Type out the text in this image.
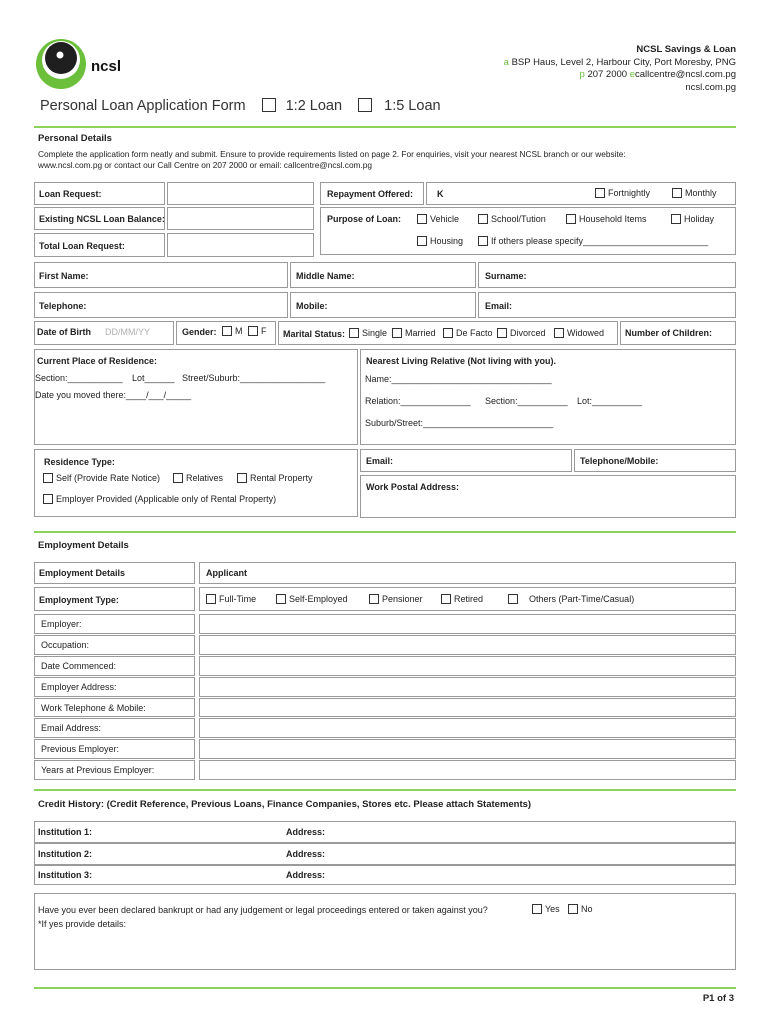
ncsl
NCSL Savings & Loan
a BSP Haus, Level 2, Harbour City, Port Moresby, PNG
p 207 2000 ecallcentre@ncsl.com.pg
ncsl.com.pg
Personal Loan Application Form	1:2 Loan	1:5 Loan
Personal Details
Complete the application form neatly and submit. Ensure to provide requirements listed on page 2. For enquiries, visit your nearest NCSL branch or our website:
www.ncsl.com.pg or contact our Call Centre on 207 2000 or email: callcentre@ncsl.com.pg
Loan Request:	Repayment Offered:	K	Fortnightly	Monthly
Existing NCSL Loan Balance:	Purpose of Loan:	Vehicle	School/Tution	Household Items	Holiday
Housing	If others please specify_________________________
Total Loan Request:
First Name:	Middle Name:	Surname:
Telephone:	Mobile:	Email:
Date of Birth DD/MM/YY	Gender:	M	F Marital Status:	Single	Married	De Facto	Divorced	Widowed Number of Children:
Current Place of Residence:
Section:___________ Lot______ Street/Suburb:_________________
Date you moved there:____/___/_____
Nearest Living Relative (Not living with you).
Name:________________________________
Relation:______________ Section:__________ Lot:__________
Suburb/Street:__________________________
Residence Type:
Self (Provide Rate Notice)	Relatives	Rental Property
Employer Provided (Applicable only of Rental Property)
Email:	Telephone/Mobile:
Work Postal Address:
Employment Details
Employment Details	Applicant
Employment Type:	Full-Time	Self-Employed	Pensioner	Retired	Others (Part-Time/Casual)
Employer:
Occupation:
Date Commenced:
Employer Address:
Work Telephone & Mobile:
Email Address:
Previous Employer:
Years at Previous Employer:
Credit History: (Credit Reference, Previous Loans, Finance Companies, Stores etc. Please attach Statements)
Institution 1:	Address:
Institution 2:	Address:
Institution 3:	Address:
Have you ever been declared bankrupt or had any judgement or legal proceedings entered or taken against you?	Yes	No
*If yes provide details:
P1 of 3
